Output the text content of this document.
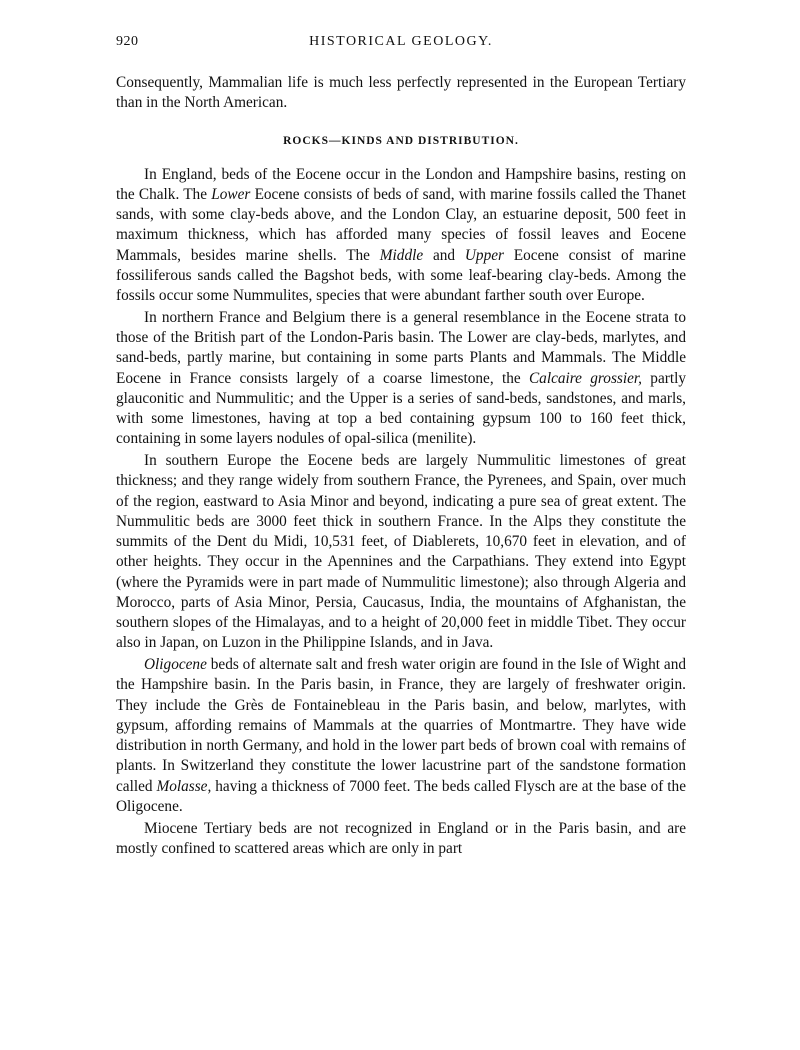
920	HISTORICAL GEOLOGY.

Consequently, Mammalian life is much less perfectly represented in the European Tertiary than in the North American.

ROCKS—KINDS AND DISTRIBUTION.

In England, beds of the Eocene occur in the London and Hampshire basins, resting on the Chalk. The Lower Eocene consists of beds of sand, with marine fossils called the Thanet sands, with some clay-beds above, and the London Clay, an estuarine deposit, 500 feet in maximum thickness, which has afforded many species of fossil leaves and Eocene Mammals, besides marine shells. The Middle and Upper Eocene consist of marine fossiliferous sands called the Bagshot beds, with some leaf-bearing clay-beds. Among the fossils occur some Nummulites, species that were abundant farther south over Europe.

In northern France and Belgium there is a general resemblance in the Eocene strata to those of the British part of the London-Paris basin. The Lower are clay-beds, marlytes, and sand-beds, partly marine, but containing in some parts Plants and Mammals. The Middle Eocene in France consists largely of a coarse limestone, the Calcaire grossier, partly glauconitic and Nummulitic; and the Upper is a series of sand-beds, sandstones, and marls, with some limestones, having at top a bed containing gypsum 100 to 160 feet thick, containing in some layers nodules of opal-silica (menilite).

In southern Europe the Eocene beds are largely Nummulitic limestones of great thickness; and they range widely from southern France, the Pyrenees, and Spain, over much of the region, eastward to Asia Minor and beyond, indicating a pure sea of great extent. The Nummulitic beds are 3000 feet thick in southern France. In the Alps they constitute the summits of the Dent du Midi, 10,531 feet, of Diablerets, 10,670 feet in elevation, and of other heights. They occur in the Apennines and the Carpathians. They extend into Egypt (where the Pyramids were in part made of Nummulitic limestone); also through Algeria and Morocco, parts of Asia Minor, Persia, Caucasus, India, the mountains of Afghanistan, the southern slopes of the Himalayas, and to a height of 20,000 feet in middle Tibet. They occur also in Japan, on Luzon in the Philippine Islands, and in Java.

Oligocene beds of alternate salt and fresh water origin are found in the Isle of Wight and the Hampshire basin. In the Paris basin, in France, they are largely of freshwater origin. They include the Grès de Fontainebleau in the Paris basin, and below, marlytes, with gypsum, affording remains of Mammals at the quarries of Montmartre. They have wide distribution in north Germany, and hold in the lower part beds of brown coal with remains of plants. In Switzerland they constitute the lower lacustrine part of the sandstone formation called Molasse, having a thickness of 7000 feet. The beds called Flysch are at the base of the Oligocene.

Miocene Tertiary beds are not recognized in England or in the Paris basin, and are mostly confined to scattered areas which are only in part
